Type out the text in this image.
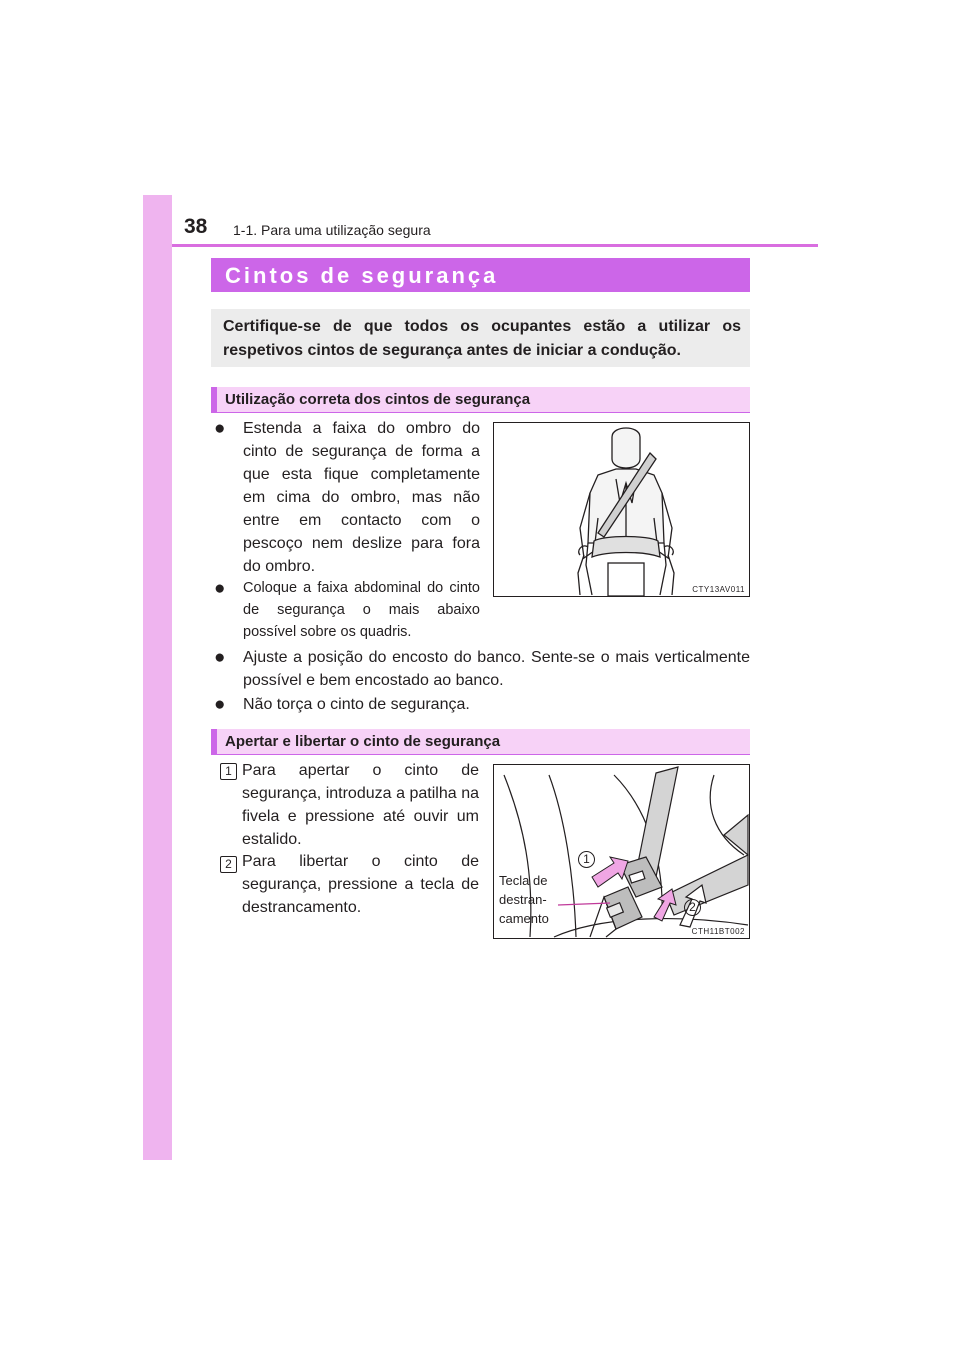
38 1-1. Para uma utilização segura
Cintos de segurança
Certifique-se de que todos os ocupantes estão a utilizar os respetivos cintos de segurança antes de iniciar a condução.
Utilização correta dos cintos de segurança
● Estenda a faixa do ombro do cinto de segurança de forma a que esta fique completamente em cima do ombro, mas não entre em contacto com o pescoço nem deslize para fora do ombro.
● Coloque a faixa abdominal do cinto de segurança o mais abaixo possível sobre os quadris.
● Ajuste a posição do encosto do banco. Sente-se o mais verticalmente possível e bem encostado ao banco.
● Não torça o cinto de segurança.
CTY13AV011
Apertar e libertar o cinto de segurança
1 Para apertar o cinto de segurança, introduza a patilha na fivela e pressione até ouvir um estalido.
2 Para libertar o cinto de segurança, pressione a tecla de destrancamento.
1
2
Tecla de destran- camento
CTH11BT002
